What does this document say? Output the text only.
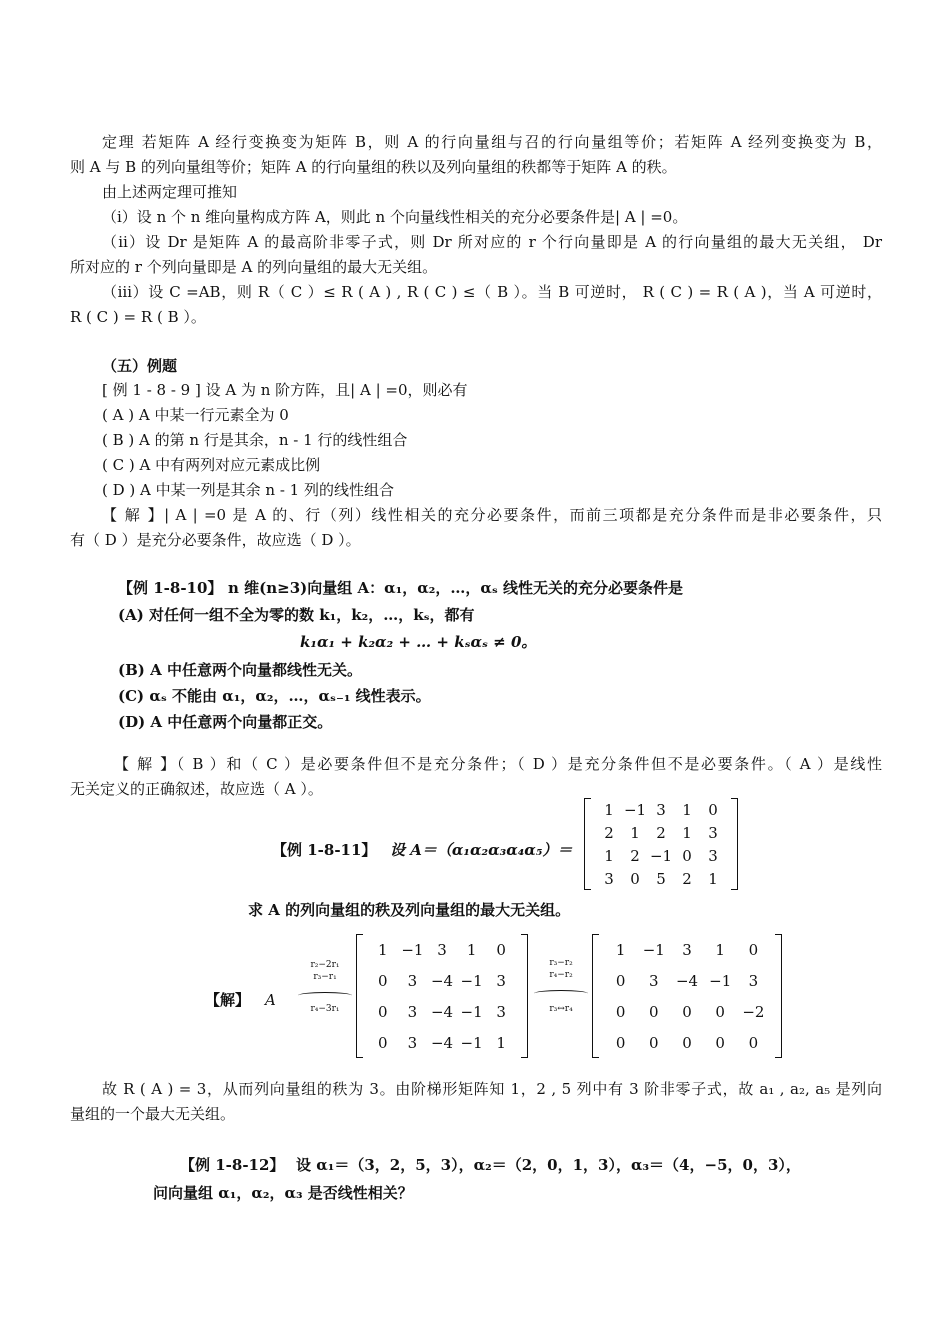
定理 若矩阵 A 经行变换变为矩阵 B，则 A 的行向量组与召的行向量组等价；若矩阵 A 经列变换变为 B，
则 A 与 B 的列向量组等价；矩阵 A 的行向量组的秩以及列向量组的秩都等于矩阵 A 的秩。
由上述两定理可推知
（ⅰ）设 n 个 n 维向量构成方阵 A，则此 n 个向量线性相关的充分必要条件是| A | =0。
（ⅱ）设 Dr 是矩阵 A 的最高阶非零子式，则 Dr 所对应的 r 个行向量即是 A 的行向量组的最大无关组， Dr
所对应的 r 个列向量即是 A 的列向量组的最大无关组。
（ⅲ）设 C =AB，则 R（ C ）≤ R ( A ) , R ( C ) ≤（ B ）。当 B 可逆时， R ( C ) = R ( A )，当 A 可逆时，
R ( C ) = R ( B ）。
（五）例题
[ 例 1 - 8 - 9 ] 设 A 为 n 阶方阵，且| A | =0，则必有
( A ) A 中某一行元素全为 0
( B ) A 的第 n 行是其余，n - 1 行的线性组合
( C ) A 中有两列对应元素成比例
( D ) A 中某一列是其余 n - 1 列的线性组合
【 解 】| A | =0 是 A 的、行（列）线性相关的充分必要条件，而前三项都是充分条件而是非必要条件，只
有（ D ）是充分必要条件，故应选（ D ）。
【例 1-8-10】 n 维(n≥3)向量组 A：α₁，α₂，…，αₛ 线性无关的充分必要条件是
(A) 对任何一组不全为零的数 k₁，k₂，…，kₛ，都有
k₁α₁ + k₂α₂ + … + kₛαₛ ≠ 0。
(B) A 中任意两个向量都线性无关。
(C) αₛ 不能由 α₁，α₂，…，αₛ₋₁ 线性表示。
(D) A 中任意两个向量都正交。
【 解 】（ B ）和（ C ）是必要条件但不是充分条件；（ D ）是充分条件但不是必要条件。（ A ）是线性
无关定义的正确叙述，故应选（ A ）。
【例 1-8-11】 设 A＝（α₁α₂α₃α₄α₅）＝
1 −1 3	1	0
2	1	2	1	3
1	2 −1 0	3
3	0	5	2	1
求 A 的列向量组的秩及列向量组的最大无关组。
【解】 A
r₂−2r₁
r₃−r₁
r₄−3r₁
1 −1 3	1	0
0	3 −4 −1 3
0	3 −4 −1 3
0	3 −4 −1 1
r₃−r₂
r₄−r₂
r₃↔r₄
1	−1	3	1	0
0	3	−4 −1	3
0	0	0	0	−2
0	0	0	0	0
故 R ( A ) = 3，从而列向量组的秩为 3。由阶梯形矩阵知 1，2 , 5 列中有 3 阶非零子式，故 a₁ , a₂, a₅ 是列向
量组的一个最大无关组。
【例 1-8-12】 设 α₁＝（3，2，5，3），α₂＝（2，0，1，3），α₃＝（4，−5，0，3），
问向量组 α₁，α₂，α₃ 是否线性相关？
